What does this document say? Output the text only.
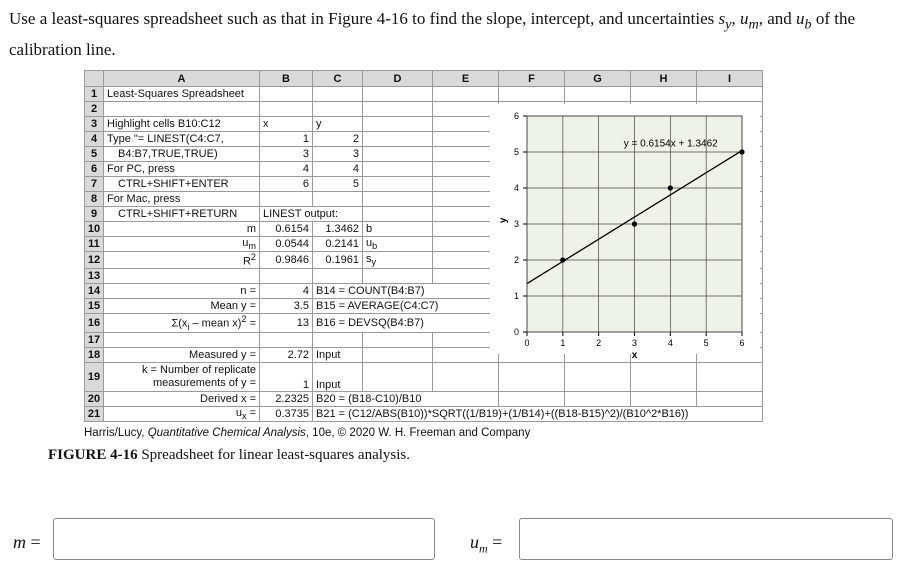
Use a least-squares spreadsheet such as that in Figure 4-16 to find the slope, intercept, and uncertainties $s_y$, $u_m$, and $u_b$ of the calibration line.
	A	B	C	D	E	F	G	H	I
1	Least-Squares Spreadsheet								
2									
3	Highlight cells B10:C12	x	y						
4	Type "= LINEST(C4:C7,	1	2						
5	B4:B7,TRUE,TRUE)	3	3						
6	For PC, press	4	4						
7	CTRL+SHIFT+ENTER	6	5						
8	For Mac, press								
9	CTRL+SHIFT+RETURN	LINEST output:							
10	m	0.6154	1.3462	b					
11	$u_m$	0.0544	0.2141	$u_b$					
12	$R^2$	0.9846	0.1961	$s_y$					
13									
14	n =	4	B14 = COUNT(B4:B7)						
15	Mean y =	3.5	B15 = AVERAGE(C4:C7)						
16	$\Sigma(x_i$ – mean x)$^2$ =	13	B16 = DEVSQ(B4:B7)						
17									
18	Measured y =	2.72	Input						
19	k = Number of replicate
measurements of y =	1	Input						
20	Derived x =	2.2325	B20 = (B18-C10)/B10						
21	$u_x$ =	0.3735	B21 = (C12/ABS(B10))*SQRT((1/B19)+(1/B14)+((B18-B15)^2)/(B10^2*B16))						
0	1	2	3	4	5	6
0
1
2
3
4
5
6
y = 0.6154x + 1.3462
x
y
Harris/Lucy, Quantitative Chemical Analysis, 10e, © 2020 W. H. Freeman and Company
FIGURE 4-16 Spreadsheet for linear least-squares analysis.
m =	$u_m$ =
